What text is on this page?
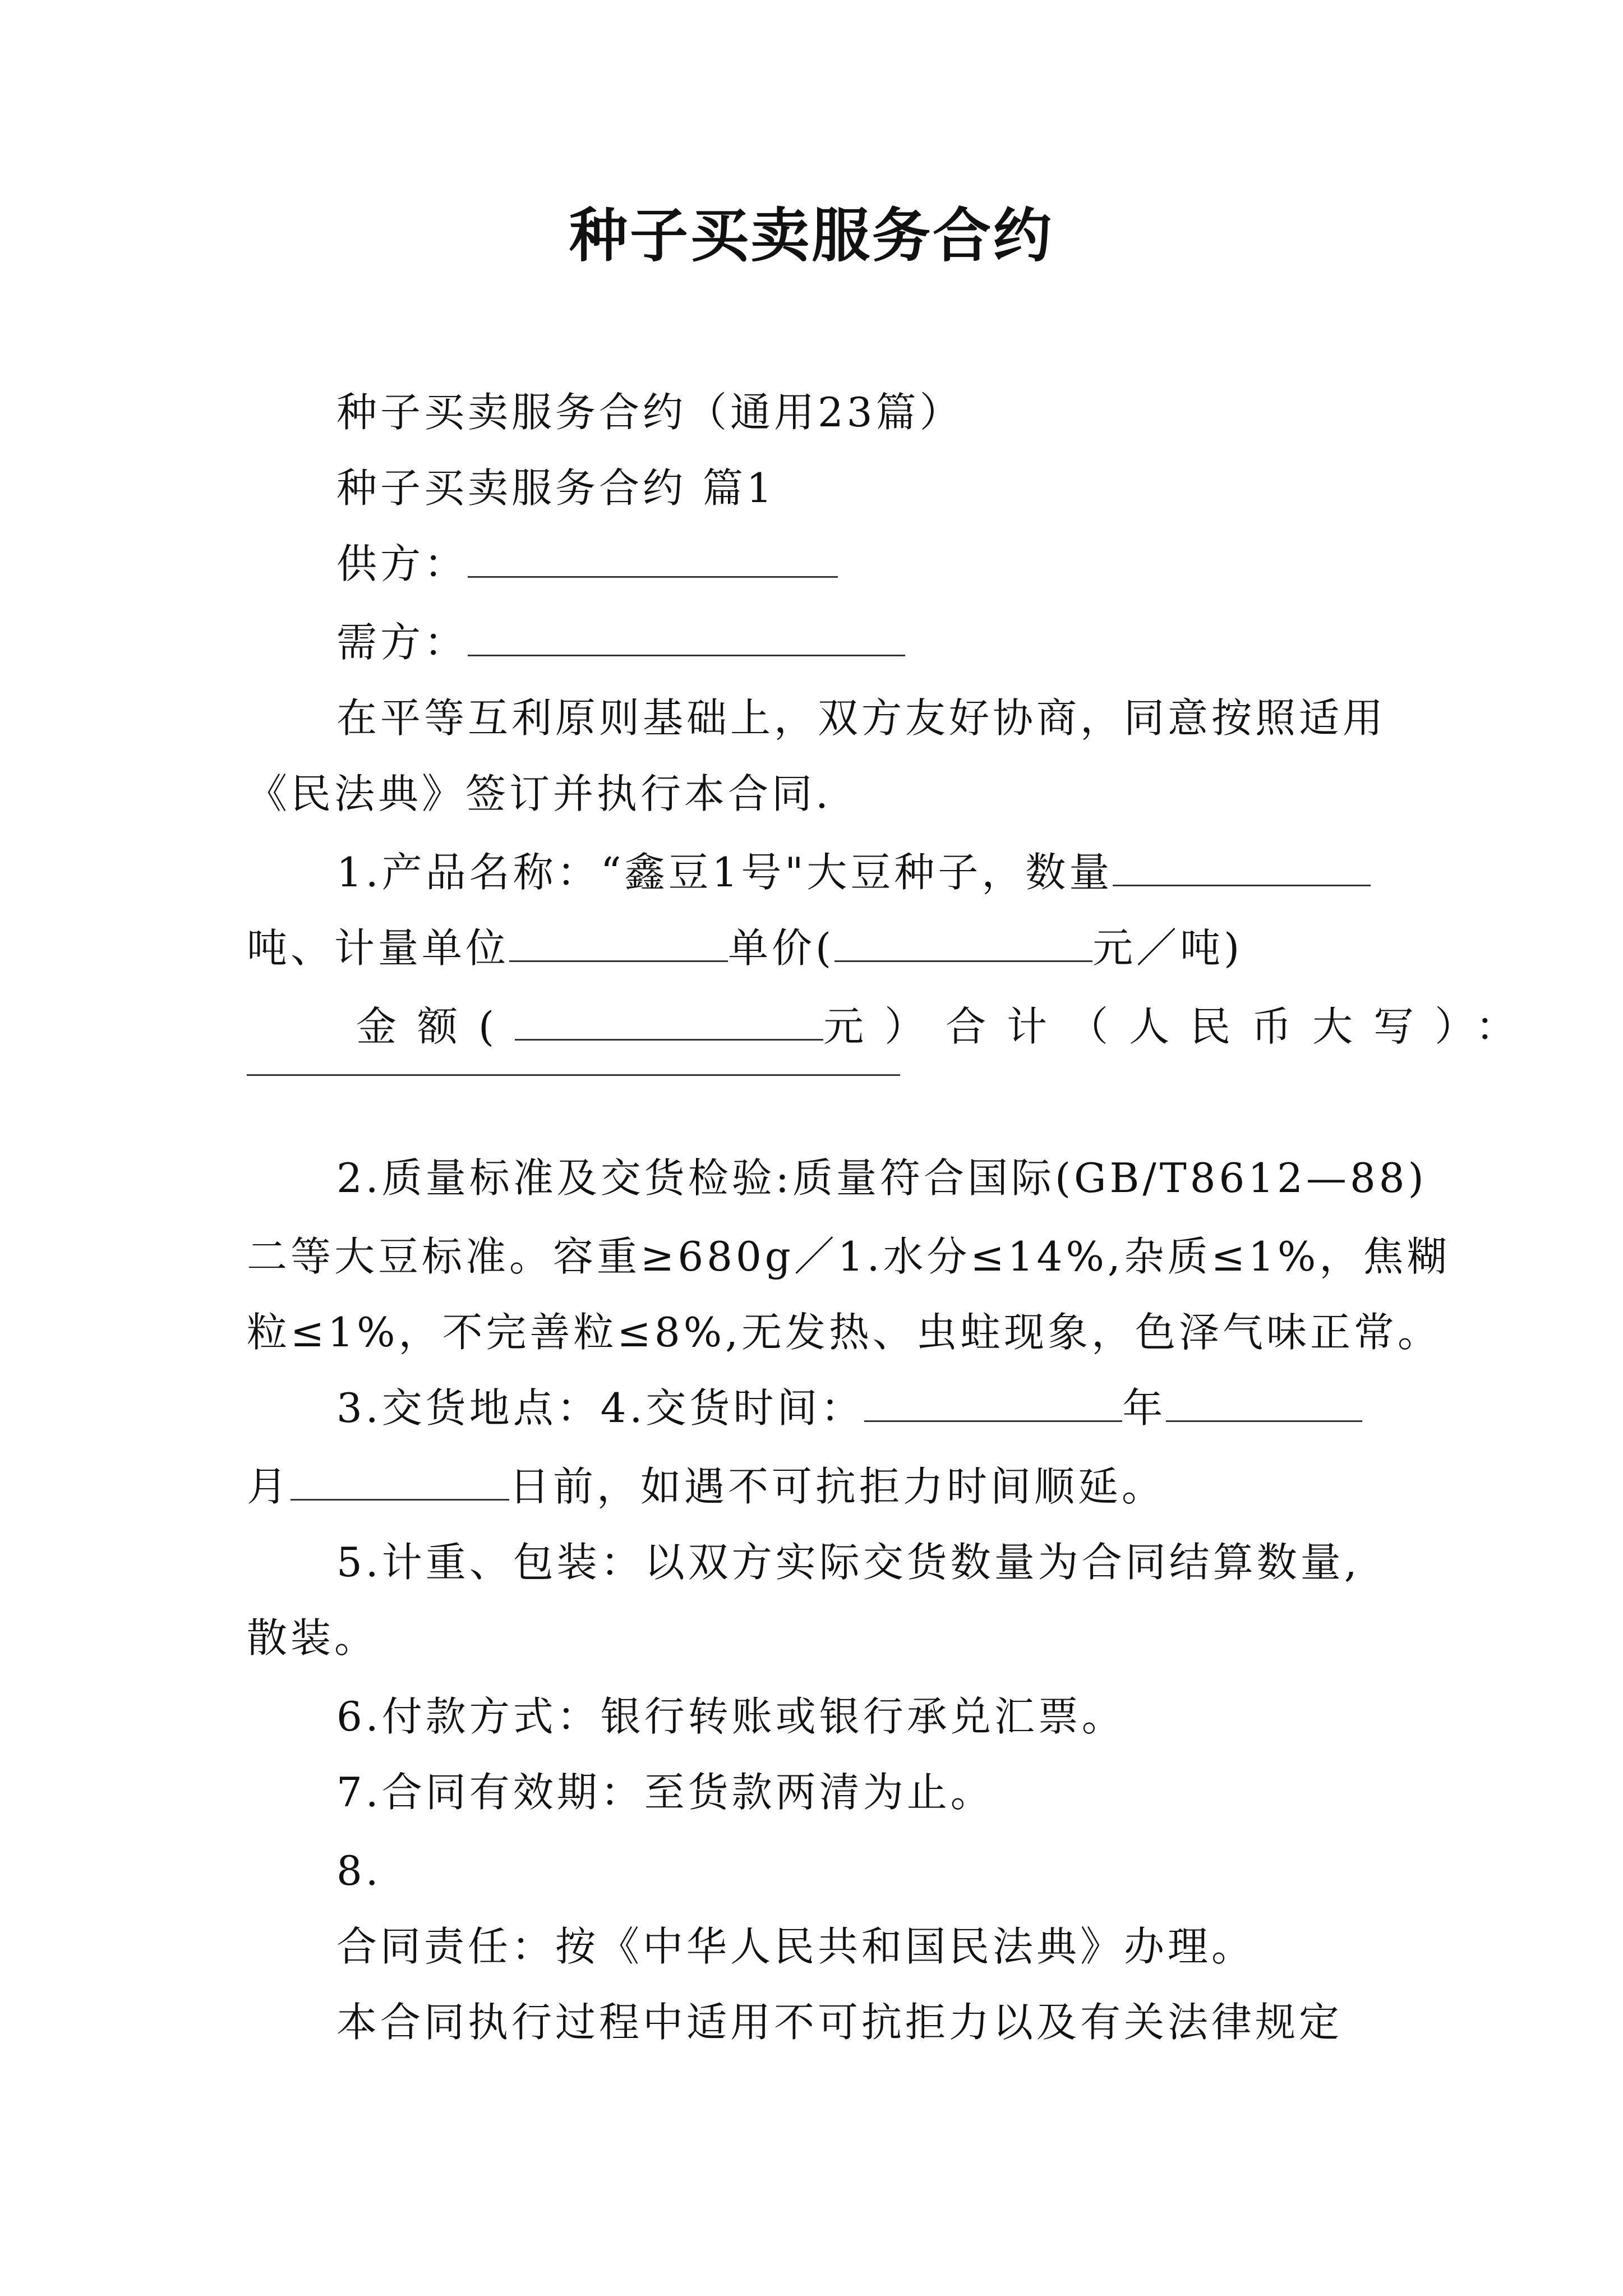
种子买卖服务合约
种子买卖服务合约（通用23篇）
种子买卖服务合约 篇1
供方：
需方：
在平等互利原则基础上，双方友好协商，同意按照适用
《民法典》签订并执行本合同.
1.产品名称：“鑫豆1号"大豆种子，数量
吨、计量单位	单价(	元／吨)
金额(	元）合计（人民币大写）：
2.质量标准及交货检验:质量符合国际(GB/T8612—88)
二等大豆标准。容重≥680g／1.水分≤14%,杂质≤1%，焦糊
粒≤1%，不完善粒≤8%,无发热、虫蛀现象，色泽气味正常。
3.交货地点：4.交货时间：	年
月	日前，如遇不可抗拒力时间顺延。
5.计重、包装：以双方实际交货数量为合同结算数量,
散装。
6.付款方式：银行转账或银行承兑汇票。
7.合同有效期：至货款两清为止。
8.
合同责任：按《中华人民共和国民法典》办理。
本合同执行过程中适用不可抗拒力以及有关法律规定
